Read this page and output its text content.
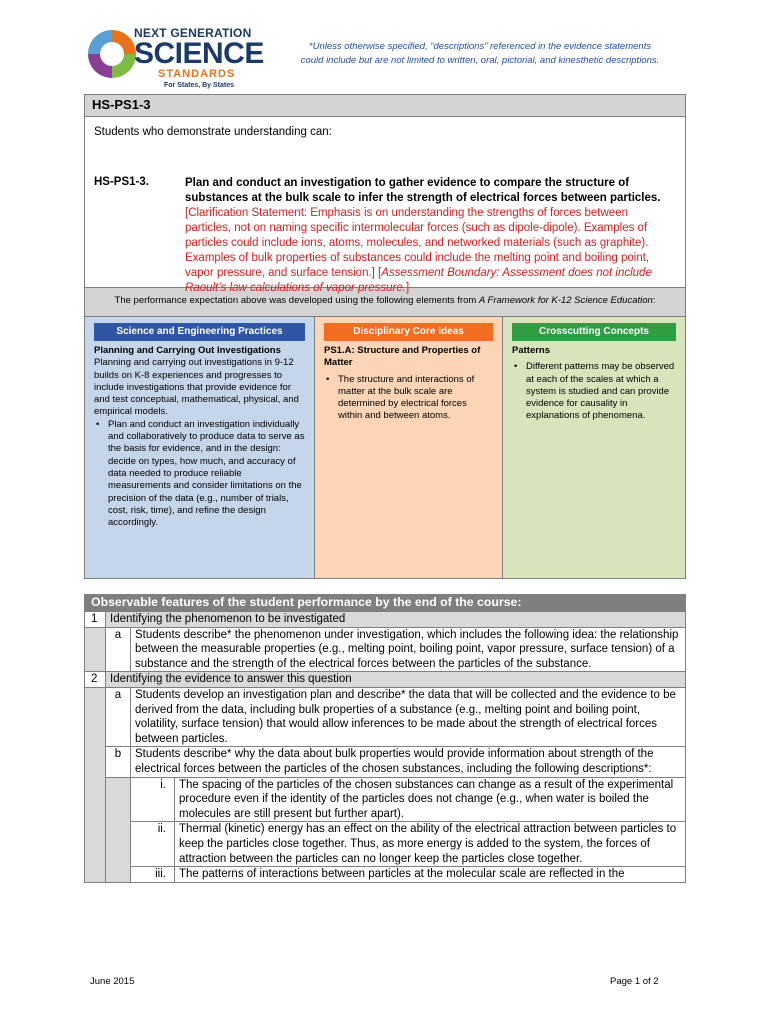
NEXT GENERATION
SCIENCE
STANDARDS
For States, By States
*Unless otherwise specified, “descriptions” referenced in the evidence statements
could include but are not limited to written, oral, pictorial, and kinesthetic descriptions.
HS-PS1-3
Students who demonstrate understanding can:
HS-PS1-3.	Plan and conduct an investigation to gather evidence to compare the structure of substances at the bulk scale to infer the strength of electrical forces between particles. [Clarification Statement: Emphasis is on understanding the strengths of forces between particles, not on naming specific intermolecular forces (such as dipole-dipole). Examples of particles could include ions, atoms, molecules, and networked materials (such as graphite). Examples of bulk properties of substances could include the melting point and boiling point, vapor pressure, and surface tension.] [Assessment Boundary: Assessment does not include Raoult’s law calculations of vapor pressure.]
The performance expectation above was developed using the following elements from A Framework for K-12 Science Education:
Science and Engineering Practices
Planning and Carrying Out Investigations
Planning and carrying out investigations in 9-12 builds on K-8 experiences and progresses to include investigations that provide evidence for and test conceptual, mathematical, physical, and empirical models.
• Plan and conduct an investigation individually and collaboratively to produce data to serve as the basis for evidence, and in the design: decide on types, how much, and accuracy of data needed to produce reliable measurements and consider limitations on the precision of the data (e.g., number of trials, cost, risk, time), and refine the design accordingly.
Disciplinary Core Ideas
PS1.A: Structure and Properties of Matter
• The structure and interactions of matter at the bulk scale are determined by electrical forces within and between atoms.
Crosscutting Concepts
Patterns
• Different patterns may be observed at each of the scales at which a system is studied and can provide evidence for causality in explanations of phenomena.
Observable features of the student performance by the end of the course:			
1	Identifying the phenomenon to be investigated		
	a	Students describe* the phenomenon under investigation, which includes the following idea: the relationship between the measurable properties (e.g., melting point, boiling point, vapor pressure, surface tension) of a substance and the strength of the electrical forces between the particles of the substance.	
2	Identifying the evidence to answer this question		
	a	Students develop an investigation plan and describe* the data that will be collected and the evidence to be derived from the data, including bulk properties of a substance (e.g., melting point and boiling point, volatility, surface tension) that would allow inferences to be made about the strength of electrical forces between particles.	
	b	Students describe* why the data about bulk properties would provide information about strength of the electrical forces between the particles of the chosen substances, including the following descriptions*:	
		i.	The spacing of the particles of the chosen substances can change as a result of the experimental procedure even if the identity of the particles does not change (e.g., when water is boiled the molecules are still present but further apart).
		ii.	Thermal (kinetic) energy has an effect on the ability of the electrical attraction between particles to keep the particles close together. Thus, as more energy is added to the system, the forces of attraction between the particles can no longer keep the particles close together.
		iii.	The patterns of interactions between particles at the molecular scale are reflected in the
June 2015	Page 1 of 2
